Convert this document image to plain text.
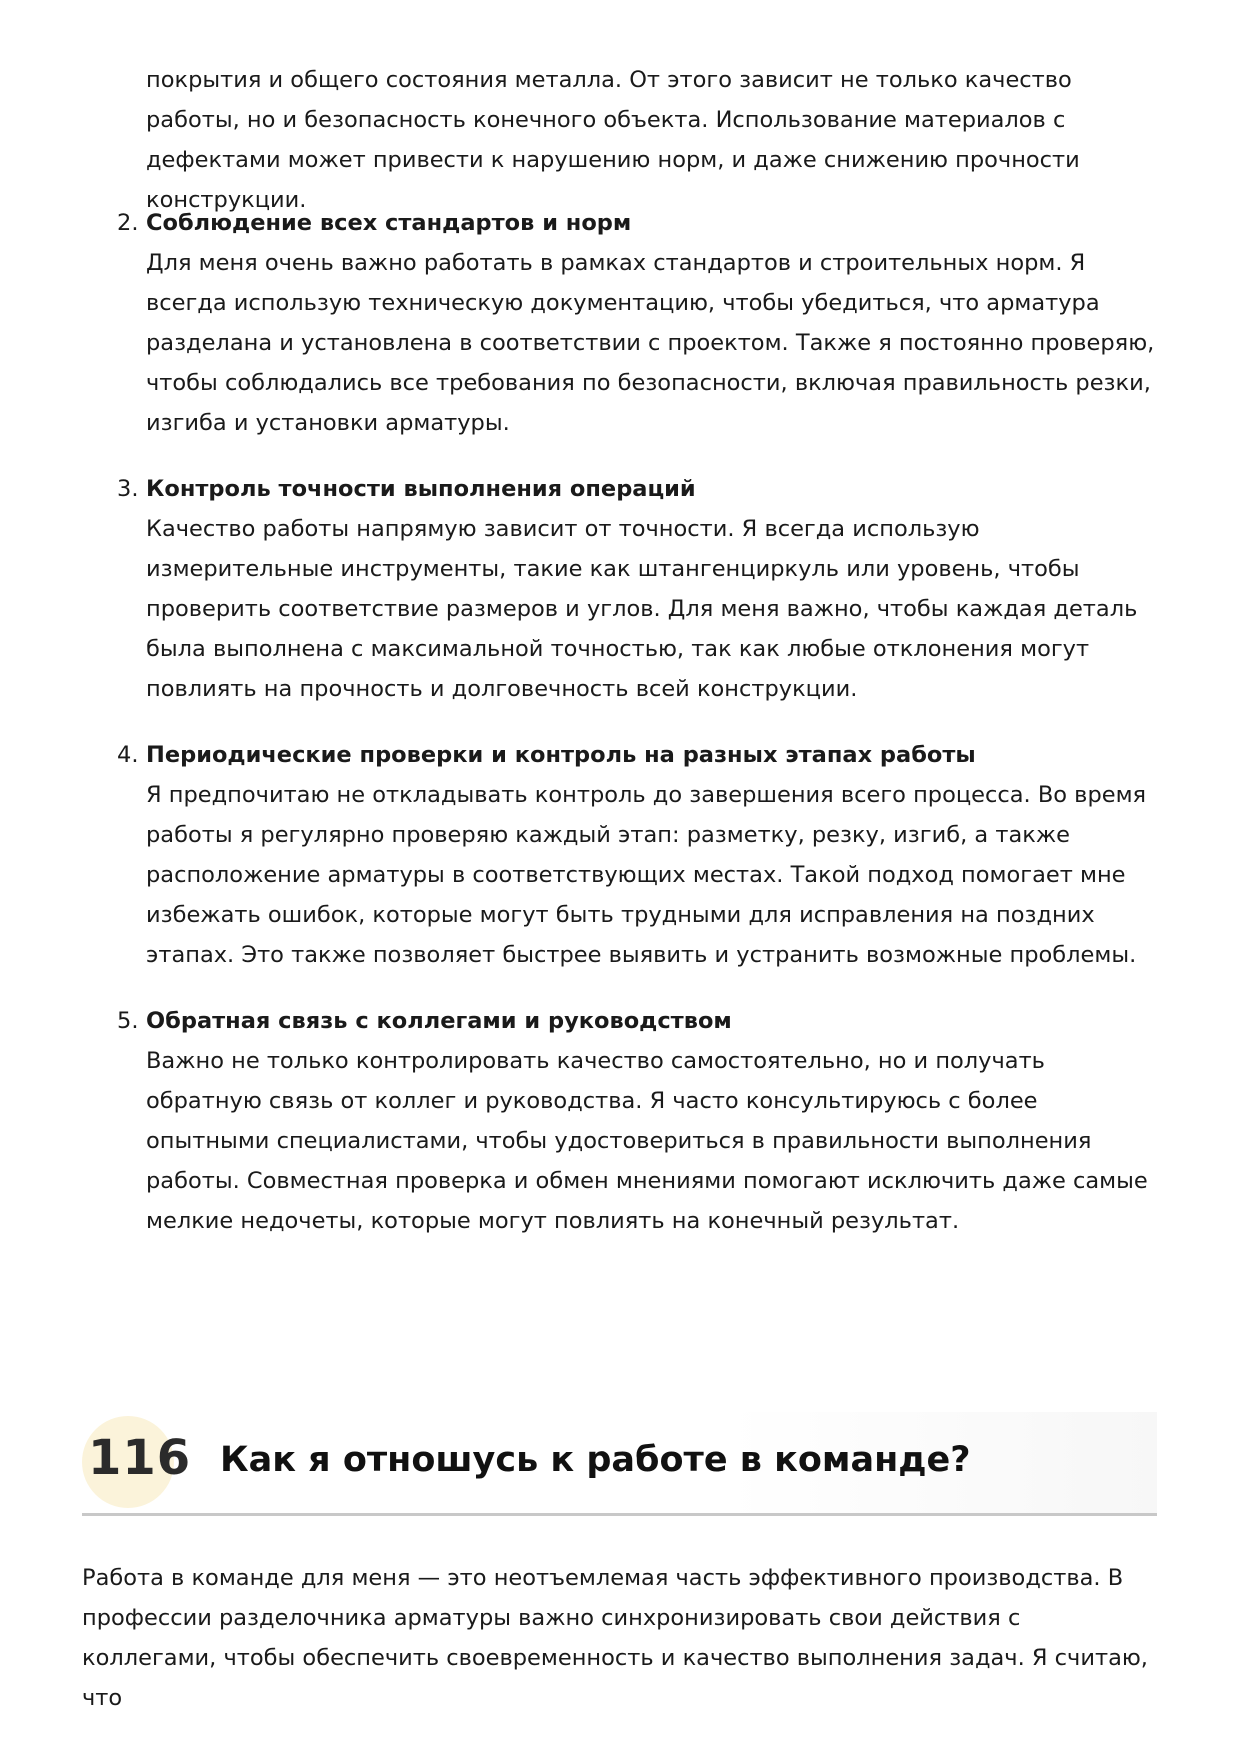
покрытия и общего состояния металла. От этого зависит не только качество работы, но и безопасность конечного объекта. Использование материалов с дефектами может привести к нарушению норм, и даже снижению прочности конструкции.

2. Соблюдение всех стандартов и норм
Для меня очень важно работать в рамках стандартов и строительных норм. Я всегда использую техническую документацию, чтобы убедиться, что арматура разделана и установлена в соответствии с проектом. Также я постоянно проверяю, чтобы соблюдались все требования по безопасности, включая правильность резки, изгиба и установки арматуры.
3. Контроль точности выполнения операций
Качество работы напрямую зависит от точности. Я всегда использую измерительные инструменты, такие как штангенциркуль или уровень, чтобы проверить соответствие размеров и углов. Для меня важно, чтобы каждая деталь была выполнена с максимальной точностью, так как любые отклонения могут повлиять на прочность и долговечность всей конструкции.
4. Периодические проверки и контроль на разных этапах работы
Я предпочитаю не откладывать контроль до завершения всего процесса. Во время работы я регулярно проверяю каждый этап: разметку, резку, изгиб, а также расположение арматуры в соответствующих местах. Такой подход помогает мне избежать ошибок, которые могут быть трудными для исправления на поздних этапах. Это также позволяет быстрее выявить и устранить возможные проблемы.
5. Обратная связь с коллегами и руководством
Важно не только контролировать качество самостоятельно, но и получать обратную связь от коллег и руководства. Я часто консультируюсь с более опытными специалистами, чтобы удостовериться в правильности выполнения работы. Совместная проверка и обмен мнениями помогают исключить даже самые мелкие недочеты, которые могут повлиять на конечный результат.
116 Как я отношусь к работе в команде?

Работа в команде для меня — это неотъемлемая часть эффективного производства. В профессии разделочника арматуры важно синхронизировать свои действия с коллегами, чтобы обеспечить своевременность и качество выполнения задач. Я считаю, что
